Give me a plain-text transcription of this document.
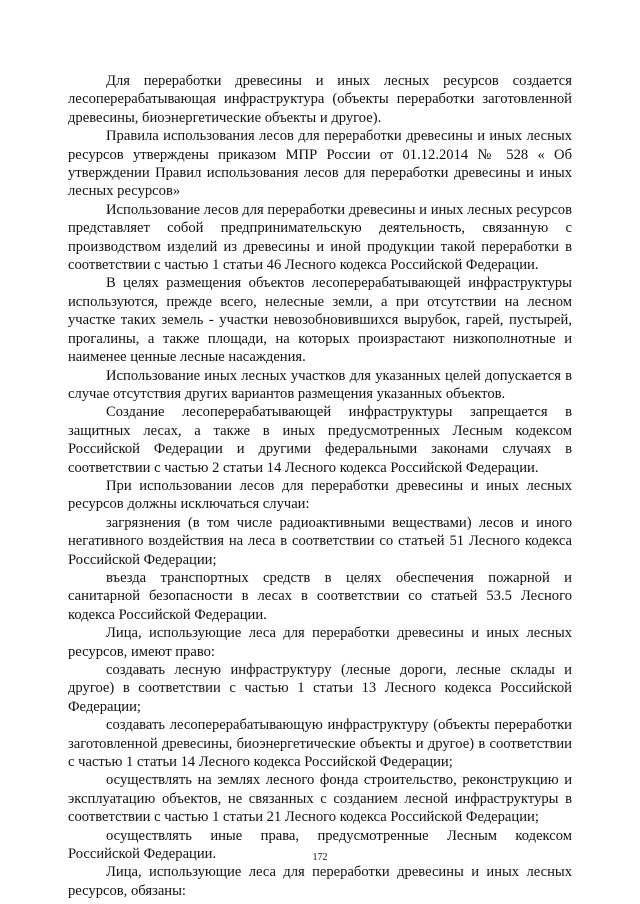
Для переработки древесины и иных лесных ресурсов создается лесоперерабатывающая инфраструктура (объекты переработки заготовленной древесины, биоэнергетические объекты и другое).

Правила использования лесов для переработки древесины и иных лесных ресурсов утверждены приказом МПР России от 01.12.2014 № 528 « Об утверждении Правил использования лесов для переработки древесины и иных лесных ресурсов»

Использование лесов для переработки древесины и иных лесных ресурсов представляет собой предпринимательскую деятельность, связанную с производством изделий из древесины и иной продукции такой переработки в соответствии с частью 1 статьи 46 Лесного кодекса Российской Федерации.

В целях размещения объектов лесоперерабатывающей инфраструктуры используются, прежде всего, нелесные земли, а при отсутствии на лесном участке таких земель - участки невозобновившихся вырубок, гарей, пустырей, прогалины, а также площади, на которых произрастают низкополнотные и наименее ценные лесные насаждения.

Использование иных лесных участков для указанных целей допускается в случае отсутствия других вариантов размещения указанных объектов.

Создание лесоперерабатывающей инфраструктуры запрещается в защитных лесах, а также в иных предусмотренных Лесным кодексом Российской Федерации и другими федеральными законами случаях в соответствии с частью 2 статьи 14 Лесного кодекса Российской Федерации.

При использовании лесов для переработки древесины и иных лесных ресурсов должны исключаться случаи:

загрязнения (в том числе радиоактивными веществами) лесов и иного негативного воздействия на леса в соответствии со статьей 51 Лесного кодекса Российской Федерации;

въезда транспортных средств в целях обеспечения пожарной и санитарной безопасности в лесах в соответствии со статьей 53.5 Лесного кодекса Российской Федерации.

Лица, использующие леса для переработки древесины и иных лесных ресурсов, имеют право:

создавать лесную инфраструктуру (лесные дороги, лесные склады и другое) в соответствии с частью 1 статьи 13 Лесного кодекса Российской Федерации;

создавать лесоперерабатывающую инфраструктуру (объекты переработки заготовленной древесины, биоэнергетические объекты и другое) в соответствии с частью 1 статьи 14 Лесного кодекса Российской Федерации;

осуществлять на землях лесного фонда строительство, реконструкцию и эксплуатацию объектов, не связанных с созданием лесной инфраструктуры в соответствии с частью 1 статьи 21 Лесного кодекса Российской Федерации;

осуществлять иные права, предусмотренные Лесным кодексом Российской Федерации.

Лица, использующие леса для переработки древесины и иных лесных ресурсов, обязаны:

172
